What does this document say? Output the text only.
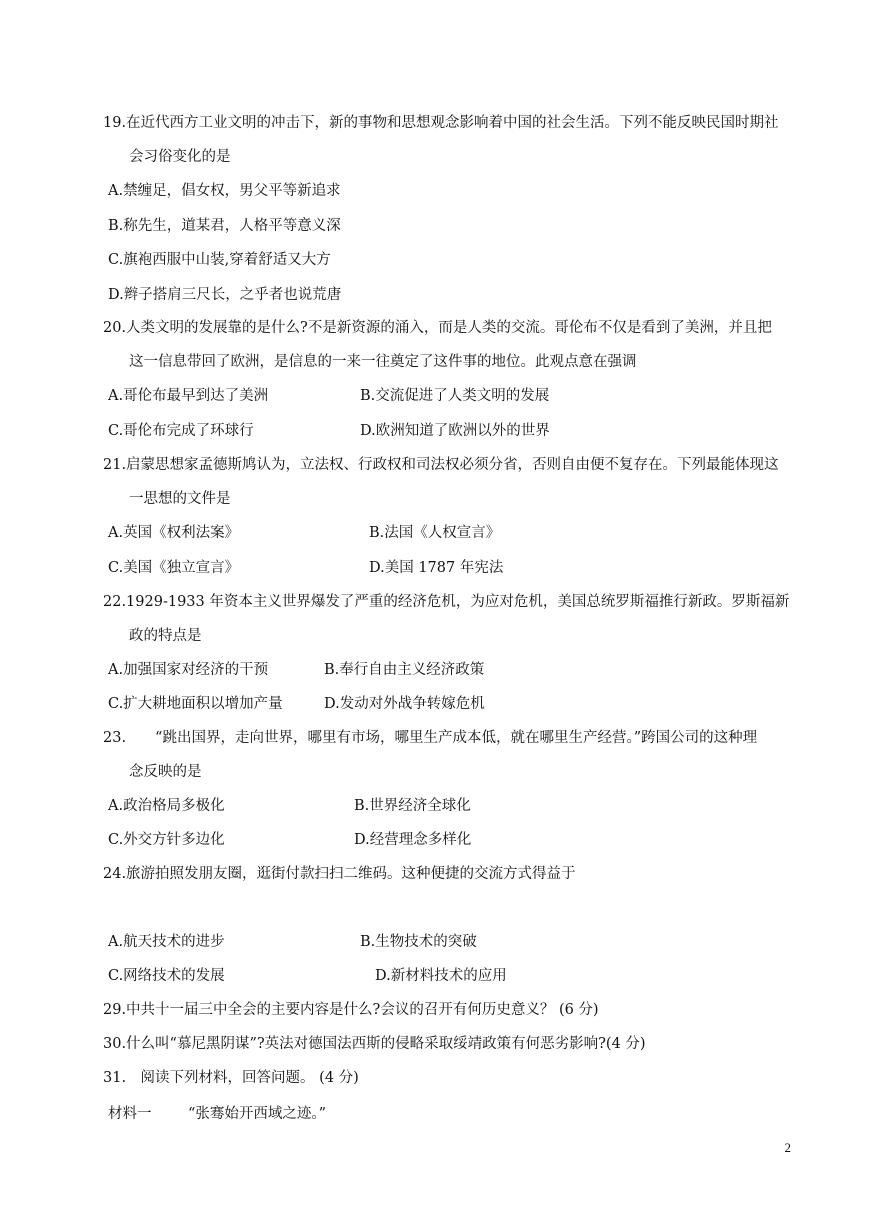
19.在近代西方工业文明的冲击下，新的事物和思想观念影响着中国的社会生活。下列不能反映民国时期社
会习俗变化的是
A.禁缠足，倡女权，男父平等新追求
B.称先生，道某君，人格平等意义深
C.旗袍西服中山装,穿着舒适又大方
D.辫子搭肩三尺长，之乎者也说荒唐
20.人类文明的发展靠的是什么?不是新资源的涌入，而是人类的交流。哥伦布不仅是看到了美洲，并且把
这一信息带回了欧洲，是信息的一来一往奠定了这件事的地位。此观点意在强调
A.哥伦布最早到达了美洲	B.交流促进了人类文明的发展
C.哥伦布完成了环球行	D.欧洲知道了欧洲以外的世界
21.启蒙思想家孟德斯鸠认为，立法权、行政权和司法权必须分省，否则自由便不复存在。下列最能体现这
一思想的文件是
A.英国《权利法案》	B.法国《人权宣言》
C.美国《独立宣言》	D.美国 1787 年宪法
22.1929-1933 年资本主义世界爆发了严重的经济危机，为应对危机，美国总统罗斯福推行新政。罗斯福新
政的特点是
A.加强国家对经济的干预	B.奉行自由主义经济政策
C.扩大耕地面积以增加产量	D.发动对外战争转嫁危机
23.　　“跳出国界，走向世界，哪里有市场，哪里生产成本低，就在哪里生产经营。”跨国公司的这种理
念反映的是
A.政治格局多极化	B.世界经济全球化
C.外交方针多边化	D.经营理念多样化
24.旅游拍照发朋友圈，逛街付款扫扫二维码。这种便捷的交流方式得益于
A.航天技术的进步	B.生物技术的突破
C.网络技术的发展	D.新材料技术的应用
29.中共十一届三中全会的主要内容是什么?会议的召开有何历史意义？ (6 分)
30.什么叫“慕尼黑阴谋”?英法对德国法西斯的侵略采取绥靖政策有何恶劣影响?(4 分)
31.　阅读下列材料，回答问题。 (4 分)
材料一	“张骞始开西域之迹。”
2
